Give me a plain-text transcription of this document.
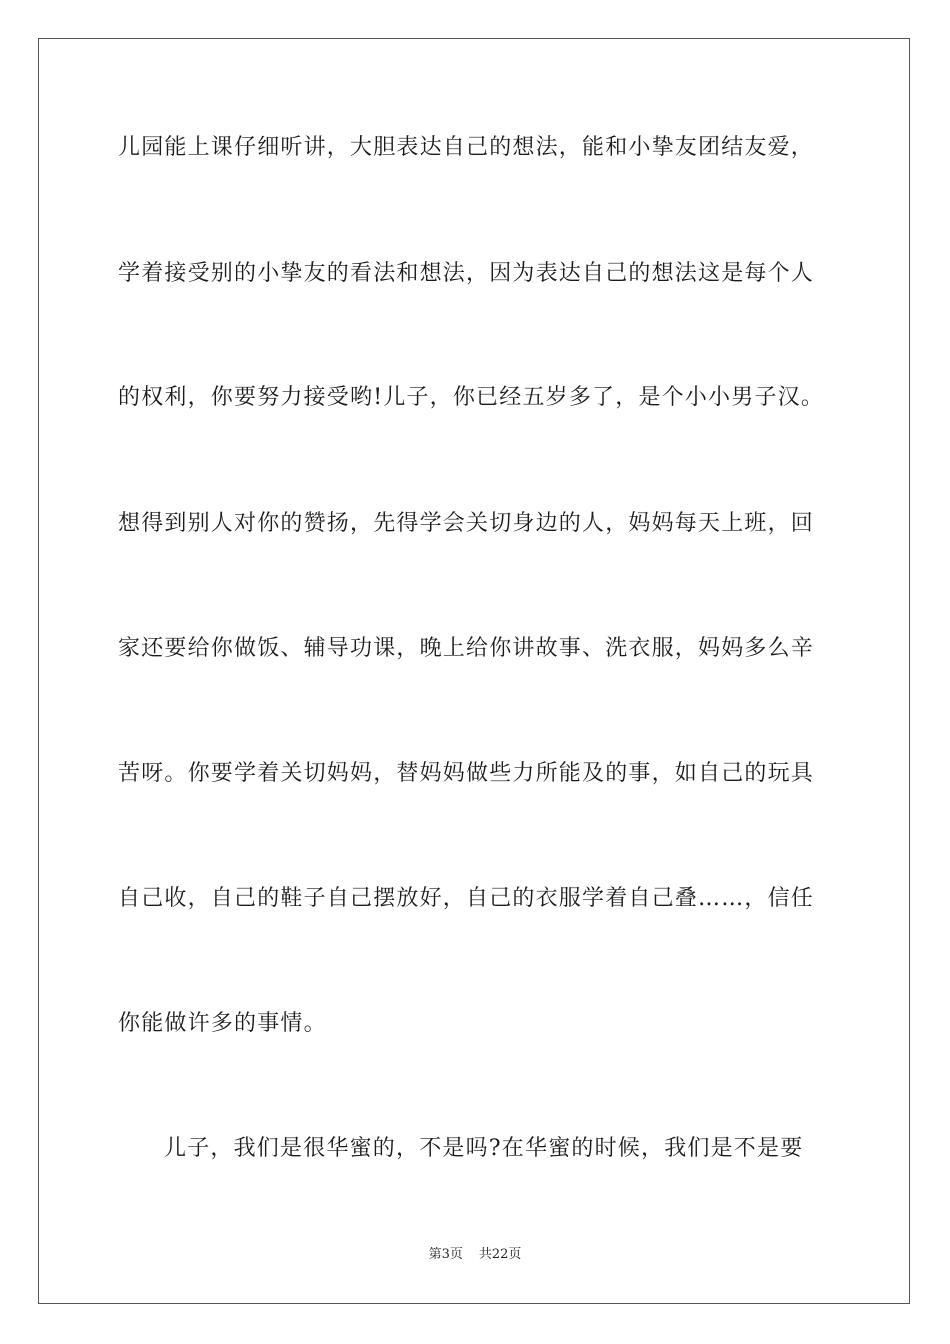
儿园能上课仔细听讲，大胆表达自己的想法，能和小挚友团结友爱，
学着接受别的小挚友的看法和想法，因为表达自己的想法这是每个人
的权利，你要努力接受哟!儿子，你已经五岁多了，是个小小男子汉。
想得到别人对你的赞扬，先得学会关切身边的人，妈妈每天上班，回
家还要给你做饭、辅导功课，晚上给你讲故事、洗衣服，妈妈多么辛
苦呀。你要学着关切妈妈，替妈妈做些力所能及的事，如自己的玩具
自己收，自己的鞋子自己摆放好，自己的衣服学着自己叠……，信任
你能做许多的事情。
儿子，我们是很华蜜的，不是吗?在华蜜的时候，我们是不是要
第3页 共22页
